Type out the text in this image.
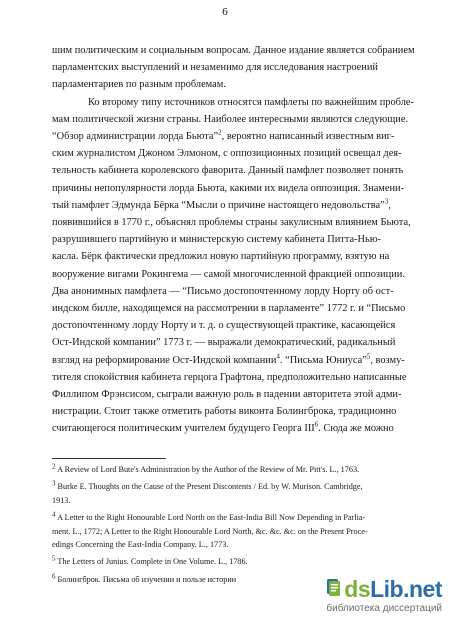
6
шим политическим и социальным вопросам. Данное издание является собранием
парламентских выступлений и незаменимо для исследования настроений
парламентариев по разным проблемам.
Ко второму типу источников относятся памфлеты по важнейшим пробле-
мам политической жизни страны. Наиболее интересными являются следующие.
“Обзор администрации лорда Бьюта”$^2$, вероятно написанный известным виг-
ским журналистом Джоном Элмоном, с оппозиционных позиций освещал дея-
тельность кабинета королевского фаворита. Данный памфлет позволяет понять
причины непопулярности лорда Бьюта, какими их видела оппозиция. Знамени-
тый памфлет Эдмунда Бёрка “Мысли о причине настоящего недовольства”$^3$,
появившийся в 1770 г., объяснял проблемы страны закулисным влиянием Бьюта,
разрушившего партийную и министерскую систему кабинета Питта-Нью-
касла. Бёрк фактически предложил новую партийную программу, взятую на
вооружение вигами Рокингема — самой многочисленной фракцией оппозиции.
Два анонимных памфлета — “Письмо достопочтенному лорду Норту об ост-
индском билле, находящемся на рассмотрении в парламенте” 1772 г. и “Письмо
достопочтенному лорду Норту и т. д. о существующей практике, касающейся
Ост-Индской компании” 1773 г. — выражали демократический, радикальный
взгляд на реформирование Ост-Индской компании$^4$. “Письма Юниуса”$^5$, возму-
тителя спокойствия кабинета герцога Графтона, предположительно написанные
Филлипом Фрэнсисом, сыграли важную роль в падении авторитета этой адми-
нистрации. Стоит также отметить работы виконта Болингброка, традиционно
считающегося политическим учителем будущего Георга III$^6$. Сюда же можно
$^2$ A Review of Lord Bute's Administration by the Author of the Review of Mr. Pitt's. L., 1763.
$^3$ Burke E. Thoughts on the Cause of the Present Discontents / Ed. by W. Murison. Cambridge,
1913.
$^4$ A Letter to the Right Honourable Lord North on the East-India Bill Now Depending in Parlia-
ment. L., 1772; A Letter to the Right Honourable Lord North, &c. &c. &c. on the Present Proce-
edings Concerning the East-India Company. L., 1773.
$^5$ The Letters of Junius. Complete in One Volume. L., 1786.
$^6$ Болингброк. Письма об изучении и пользе истории	dsLib.net
библиотека диссертаций
